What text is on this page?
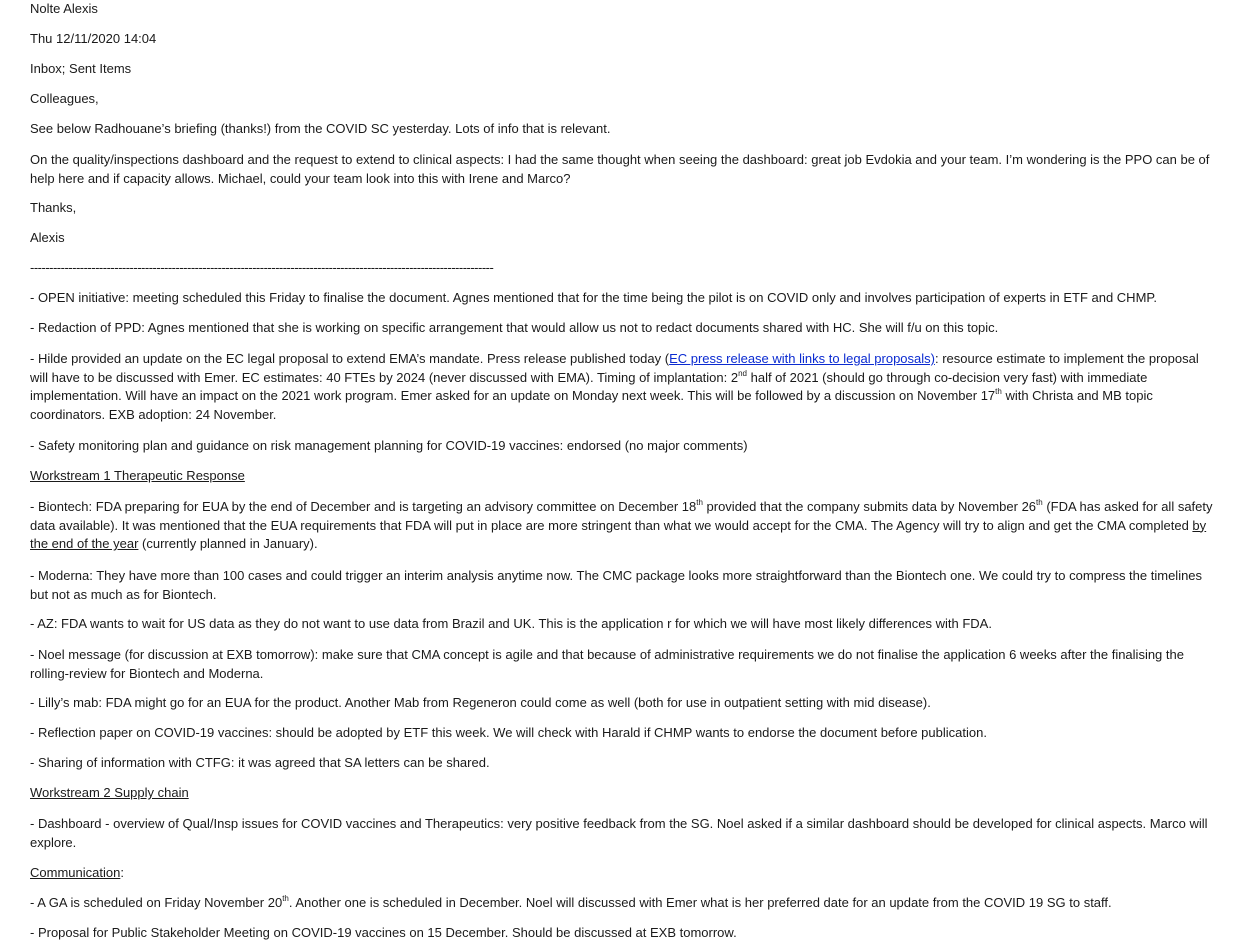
Nolte Alexis

Thu 12/11/2020 14:04

Inbox; Sent Items

Colleagues,

See below Radhouane’s briefing (thanks!) from the COVID SC yesterday. Lots of info that is relevant.

On the quality/inspections dashboard and the request to extend to clinical aspects: I had the same thought when seeing the dashboard: great job Evdokia and your team. I’m wondering is the PPO can be of help here and if capacity allows. Michael, could your team look into this with Irene and Marco?

Thanks,

Alexis

-------------------------------------------------------------------------------------------------------------------------

- OPEN initiative: meeting scheduled this Friday to finalise the document. Agnes mentioned that for the time being the pilot is on COVID only and involves participation of experts in ETF and CHMP.

- Redaction of PPD: Agnes mentioned that she is working on specific arrangement that would allow us not to redact documents shared with HC. She will f/u on this topic.

- Hilde provided an update on the EC legal proposal to extend EMA’s mandate. Press release published today (EC press release with links to legal proposals): resource estimate to implement the proposal will have to be discussed with Emer. EC estimates: 40 FTEs by 2024 (never discussed with EMA). Timing of implantation: 2nd half of 2021 (should go through co-decision very fast) with immediate implementation. Will have an impact on the 2021 work program. Emer asked for an update on Monday next week. This will be followed by a discussion on November 17th with Christa and MB topic coordinators. EXB adoption: 24 November.

- Safety monitoring plan and guidance on risk management planning for COVID-19 vaccines: endorsed (no major comments)

Workstream 1 Therapeutic Response

- Biontech: FDA preparing for EUA by the end of December and is targeting an advisory committee on December 18th provided that the company submits data by November 26th (FDA has asked for all safety data available). It was mentioned that the EUA requirements that FDA will put in place are more stringent than what we would accept for the CMA. The Agency will try to align and get the CMA completed by the end of the year (currently planned in January).

- Moderna: They have more than 100 cases and could trigger an interim analysis anytime now. The CMC package looks more straightforward than the Biontech one. We could try to compress the timelines but not as much as for Biontech.

- AZ: FDA wants to wait for US data as they do not want to use data from Brazil and UK. This is the application r for which we will have most likely differences with FDA.

- Noel message (for discussion at EXB tomorrow): make sure that CMA concept is agile and that because of administrative requirements we do not finalise the application 6 weeks after the finalising the rolling-review for Biontech and Moderna.

- Lilly’s mab: FDA might go for an EUA for the product. Another Mab from Regeneron could come as well (both for use in outpatient setting with mid disease).

- Reflection paper on COVID-19 vaccines: should be adopted by ETF this week. We will check with Harald if CHMP wants to endorse the document before publication.

- Sharing of information with CTFG: it was agreed that SA letters can be shared.

Workstream 2 Supply chain

- Dashboard - overview of Qual/Insp issues for COVID vaccines and Therapeutics: very positive feedback from the SG. Noel asked if a similar dashboard should be developed for clinical aspects. Marco will explore.

Communication:

- A GA is scheduled on Friday November 20th. Another one is scheduled in December. Noel will discussed with Emer what is her preferred date for an update from the COVID 19 SG to staff.

- Proposal for Public Stakeholder Meeting on COVID-19 vaccines on 15 December. Should be discussed at EXB tomorrow.
